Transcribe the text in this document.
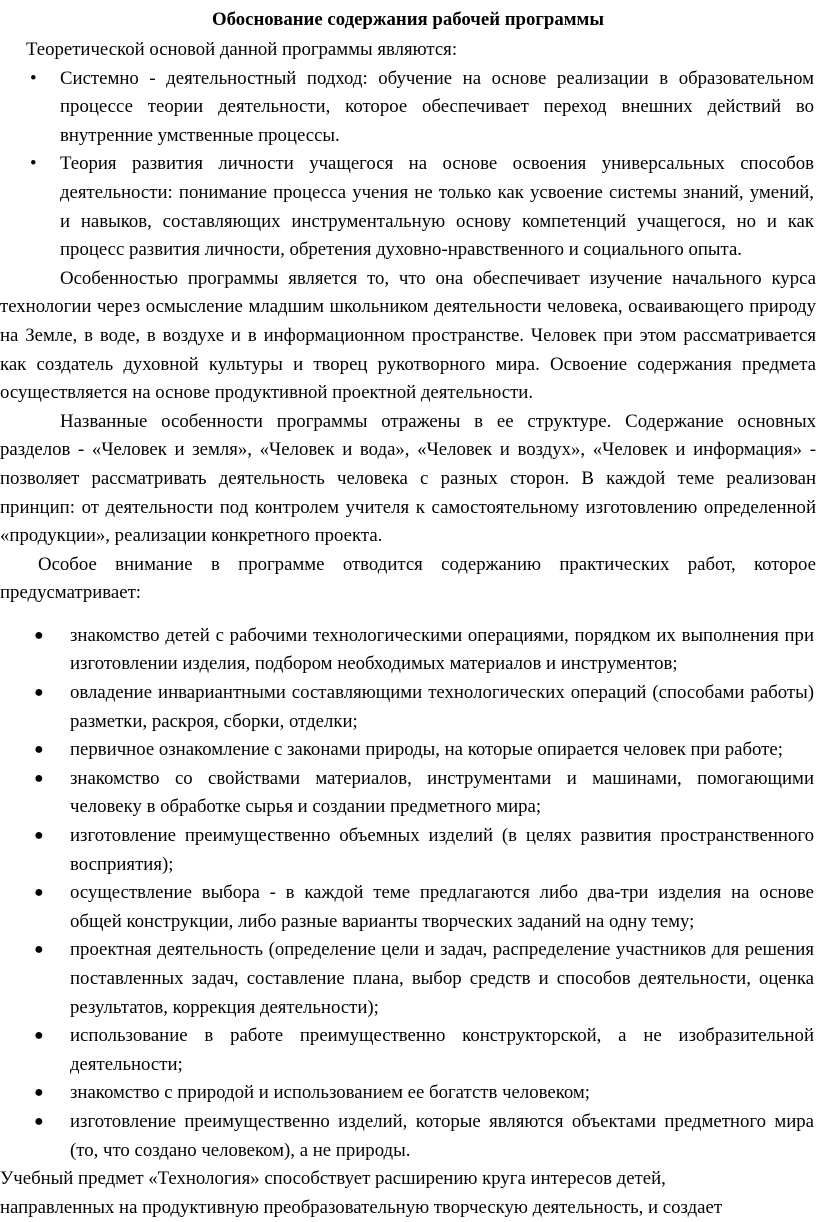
Обоснование содержания рабочей программы

Теоретической основой данной программы являются:

• Системно - деятельностный подход: обучение на основе реализации в образовательном процессе теории деятельности, которое обеспечивает переход внешних действий во внутренние умственные процессы.
• Теория развития личности учащегося на основе освоения универсальных способов деятельности: понимание процесса учения не только как усвоение системы знаний, умений, и навыков, составляющих инструментальную основу компетенций учащегося, но и как процесс развития личности, обретения духовно-нравственного и социального опыта.

Особенностью программы является то, что она обеспечивает изучение начального курса технологии через осмысление младшим школьником деятельности человека, осваивающего природу на Земле, в воде, в воздухе и в информационном пространстве. Человек при этом рассматривается как создатель духовной культуры и творец рукотворного мира. Освоение содержания предмета осуществляется на основе продуктивной проектной деятельности.

Названные особенности программы отражены в ее структуре. Содержание основных разделов - «Человек и земля», «Человек и вода», «Человек и воздух», «Человек и информация» - позволяет рассматривать деятельность человека с разных сторон. В каждой теме реализован принцип: от деятельности под контролем учителя к самостоятельному изготовлению определенной «продукции», реализации конкретного проекта.

Особое внимание в программе отводится содержанию практических работ, которое предусматривает:

● знакомство детей с рабочими технологическими операциями, порядком их выполнения при изготовлении изделия, подбором необходимых материалов и инструментов;
● овладение инвариантными составляющими технологических операций (способами работы) разметки, раскроя, сборки, отделки;
● первичное ознакомление с законами природы, на которые опирается человек при работе;
● знакомство со свойствами материалов, инструментами и машинами, помогающими человеку в обработке сырья и создании предметного мира;
● изготовление преимущественно объемных изделий (в целях развития пространственного восприятия);
● осуществление выбора - в каждой теме предлагаются либо два-три изделия на основе общей конструкции, либо разные варианты творческих заданий на одну тему;
● проектная деятельность (определение цели и задач, распределение участников для решения поставленных задач, составление плана, выбор средств и способов деятельности, оценка результатов, коррекция деятельности);
● использование в работе преимущественно конструкторской, а не изобразительной деятельности;
● знакомство с природой и использованием ее богатств человеком;
● изготовление преимущественно изделий, которые являются объектами предметного мира (то, что создано человеком), а не природы.

Учебный предмет «Технология» способствует расширению круга интересов детей,

направленных на продуктивную преобразовательную творческую деятельность, и создает
